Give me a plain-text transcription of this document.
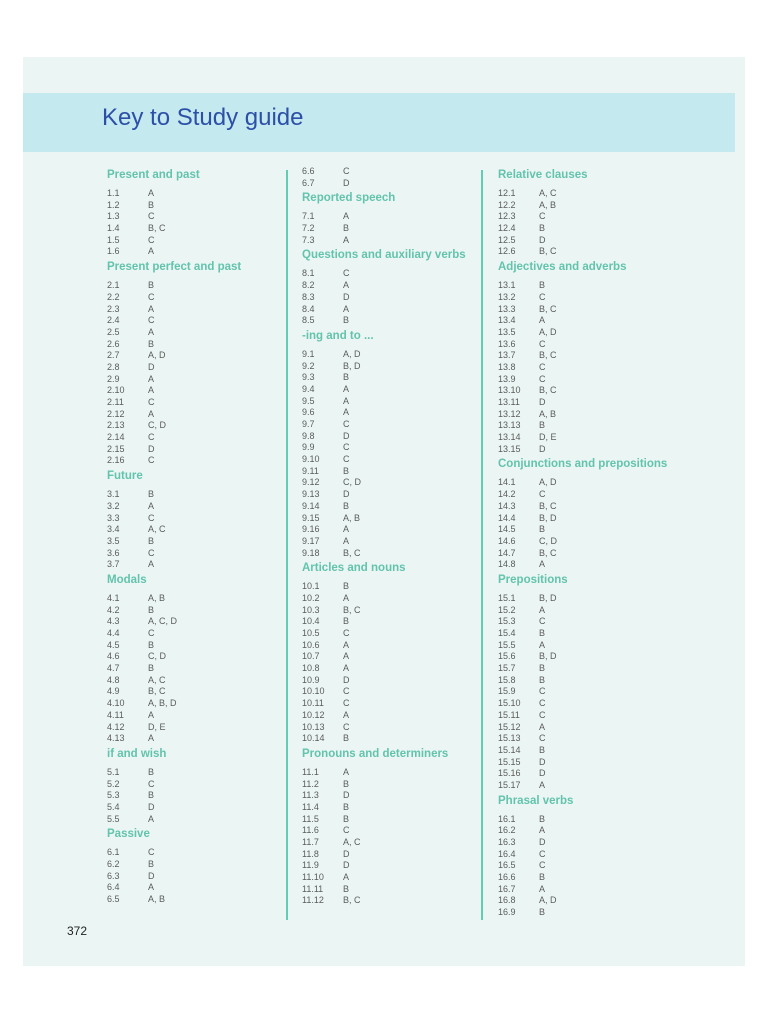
Key to Study guide
Present and past
1.1	A
1.2	B
1.3	C
1.4	B, C
1.5	C
1.6	A
Present perfect and past
2.1	B
2.2	C
2.3	A
2.4	C
2.5	A
2.6	B
2.7	A, D
2.8	D
2.9	A
2.10	A
2.11	C
2.12	A
2.13	C, D
2.14	C
2.15	D
2.16	C
Future
3.1	B
3.2	A
3.3	C
3.4	A, C
3.5	B
3.6	C
3.7	A
Modals
4.1	A, B
4.2	B
4.3	A, C, D
4.4	C
4.5	B
4.6	C, D
4.7	B
4.8	A, C
4.9	B, C
4.10	A, B, D
4.11	A
4.12	D, E
4.13	A
if and wish
5.1	B
5.2	C
5.3	B
5.4	D
5.5	A
Passive
6.1	C
6.2	B
6.3	D
6.4	A
6.5	A, B
6.6	C
6.7	D
Reported speech
7.1	A
7.2	B
7.3	A
Questions and auxiliary verbs
8.1	C
8.2	A
8.3	D
8.4	A
8.5	B
-ing and to ...
9.1	A, D
9.2	B, D
9.3	B
9.4	A
9.5	A
9.6	A
9.7	C
9.8	D
9.9	C
9.10	C
9.11	B
9.12	C, D
9.13	D
9.14	B
9.15	A, B
9.16	A
9.17	A
9.18	B, C
Articles and nouns
10.1	B
10.2	A
10.3	B, C
10.4	B
10.5	C
10.6	A
10.7	A
10.8	A
10.9	D
10.10 C
10.11 C
10.12 A
10.13 C
10.14 B
Pronouns and determiners
11.1	A
11.2	B
11.3	D
11.4	B
11.5	B
11.6	C
11.7	A, C
11.8	D
11.9	D
11.10 A
11.11 B
11.12 B, C
Relative clauses
12.1	A, C
12.2	A, B
12.3	C
12.4	B
12.5	D
12.6	B, C
Adjectives and adverbs
13.1	B
13.2	C
13.3	B, C
13.4	A
13.5	A, D
13.6	C
13.7	B, C
13.8	C
13.9	C
13.10 B, C
13.11 D
13.12 A, B
13.13 B
13.14 D, E
13.15 D
Conjunctions and prepositions
14.1	A, D
14.2	C
14.3	B, C
14.4	B, D
14.5	B
14.6	C, D
14.7	B, C
14.8	A
Prepositions
15.1	B, D
15.2	A
15.3	C
15.4	B
15.5	A
15.6	B, D
15.7	B
15.8	B
15.9	C
15.10 C
15.11 C
15.12 A
15.13 C
15.14 B
15.15 D
15.16 D
15.17 A
Phrasal verbs
16.1	B
16.2	A
16.3	D
16.4	C
16.5	C
16.6	B
16.7	A
16.8	A, D
16.9	B
372
